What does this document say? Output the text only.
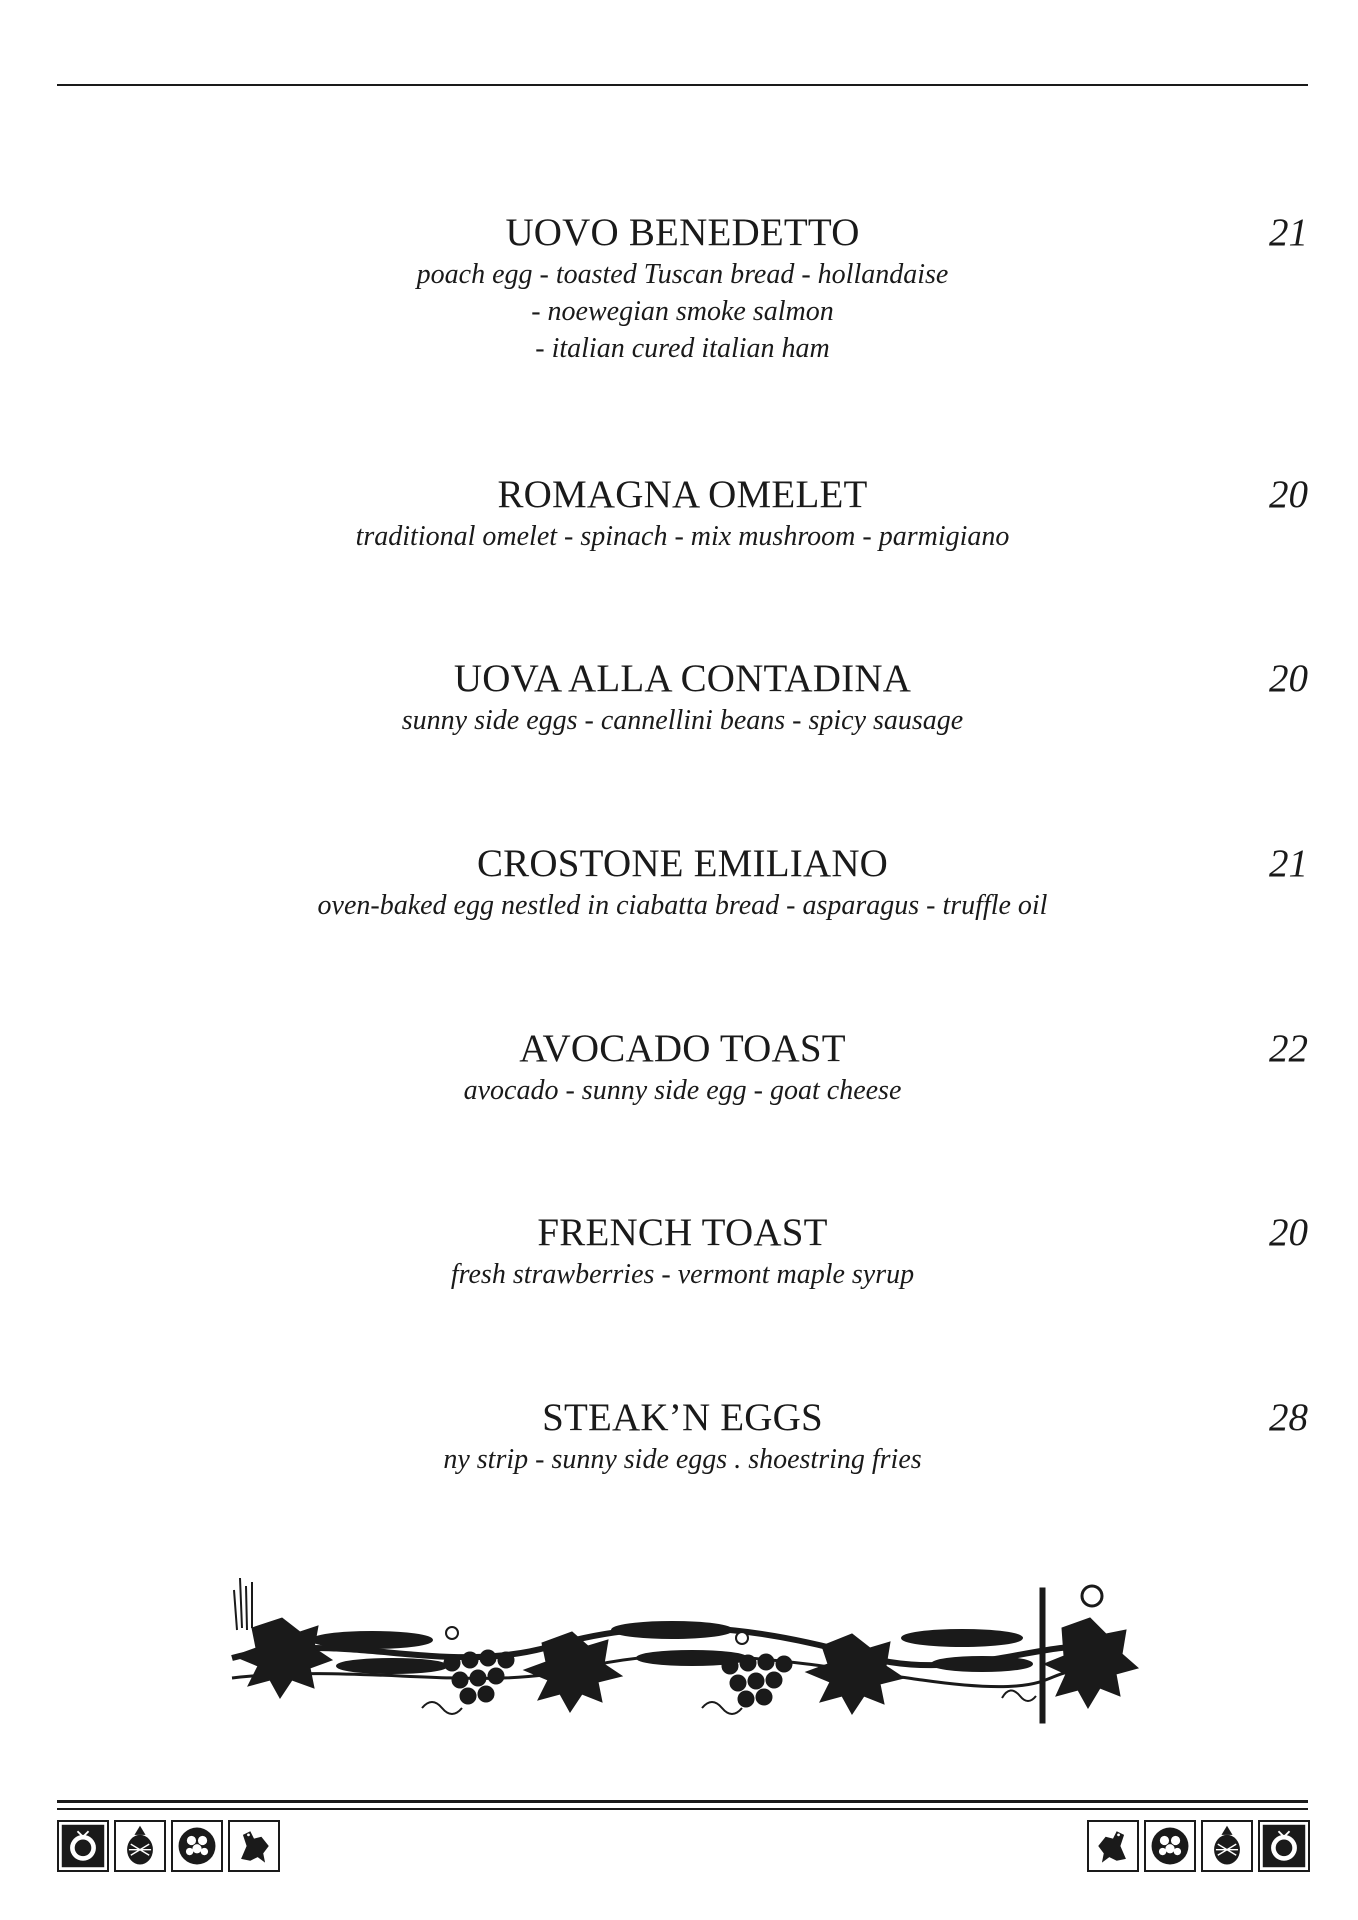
UOVO BENEDETTO
poach egg - toasted Tuscan bread - hollandaise
- noewegian smoke salmon
- italian cured italian ham
21
ROMAGNA OMELET
traditional omelet - spinach - mix mushroom - parmigiano
20
UOVA ALLA CONTADINA
sunny side eggs - cannellini beans - spicy sausage
20
CROSTONE EMILIANO
oven-baked egg nestled in ciabatta bread - asparagus - truffle oil
21
AVOCADO TOAST
avocado - sunny side egg - goat cheese
22
FRENCH TOAST
fresh strawberries - vermont maple syrup
20
STEAK’N EGGS
ny strip - sunny side eggs . shoestring fries
28
